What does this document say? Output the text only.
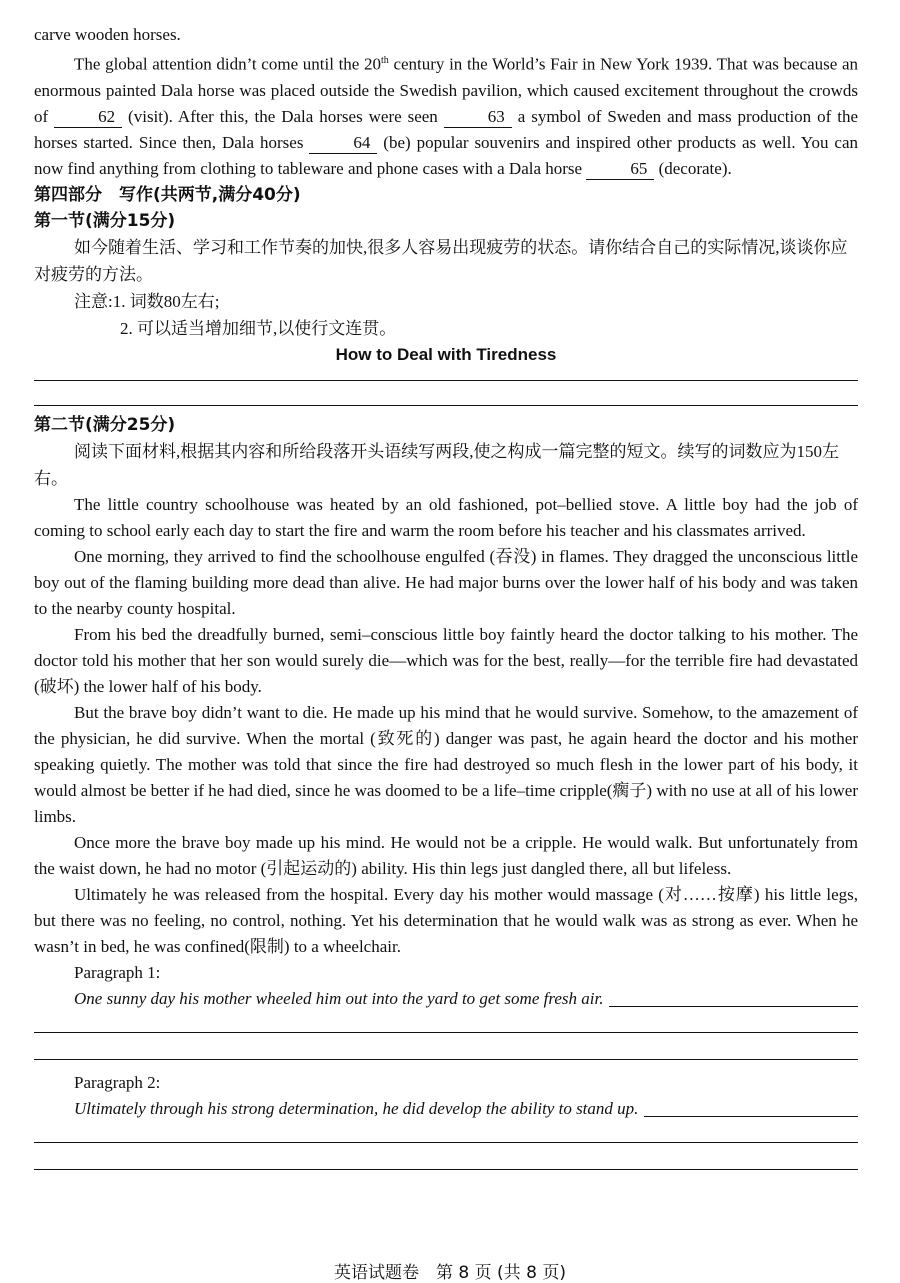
carve wooden horses.

The global attention didn’t come until the 20th century in the World’s Fair in New York 1939. That was because an enormous painted Dala horse was placed outside the Swedish pavilion, which caused excitement throughout the crowds of	62 (visit). After this, the Dala horses were seen	63 a symbol of Sweden and mass production of the horses started. Since then, Dala horses	64 (be) popular souvenirs and inspired other products as well. You can now find anything from clothing to tableware and phone cases with a Dala horse	65 (decorate).

第四部分　写作(共两节,满分40分)

第一节(满分15分)

如今随着生活、学习和工作节奏的加快,很多人容易出现疲劳的状态。请你结合自己的实际情况,谈谈你应对疲劳的方法。

注意:1. 词数80左右;

2. 可以适当增加细节,以使行文连贯。

How to Deal with Tiredness

第二节(满分25分)

阅读下面材料,根据其内容和所给段落开头语续写两段,使之构成一篇完整的短文。续写的词数应为150左右。

The little country schoolhouse was heated by an old fashioned, pot–bellied stove. A little boy had the job of coming to school early each day to start the fire and warm the room before his teacher and his classmates arrived.

One morning, they arrived to find the schoolhouse engulfed (吞没) in flames. They dragged the unconscious little boy out of the flaming building more dead than alive. He had major burns over the lower half of his body and was taken to the nearby county hospital.

From his bed the dreadfully burned, semi–conscious little boy faintly heard the doctor talking to his mother. The doctor told his mother that her son would surely die—which was for the best, really—for the terrible fire had devastated (破坏) the lower half of his body.

But the brave boy didn’t want to die. He made up his mind that he would survive. Somehow, to the amazement of the physician, he did survive. When the mortal (致死的) danger was past, he again heard the doctor and his mother speaking quietly. The mother was told that since the fire had destroyed so much flesh in the lower part of his body, it would almost be better if he had died, since he was doomed to be a life–time cripple(瘸子) with no use at all of his lower limbs.

Once more the brave boy made up his mind. He would not be a cripple. He would walk. But unfortunately from the waist down, he had no motor (引起运动的) ability. His thin legs just dangled there, all but lifeless.

Ultimately he was released from the hospital. Every day his mother would massage (对……按摩) his little legs, but there was no feeling, no control, nothing. Yet his determination that he would walk was as strong as ever. When he wasn’t in bed, he was confined(限制) to a wheelchair.

Paragraph 1:

One sunny day his mother wheeled him out into the yard to get some fresh air.

Paragraph 2:

Ultimately through his strong determination, he did develop the ability to stand up.
英语试题卷　第 8 页 (共 8 页)
